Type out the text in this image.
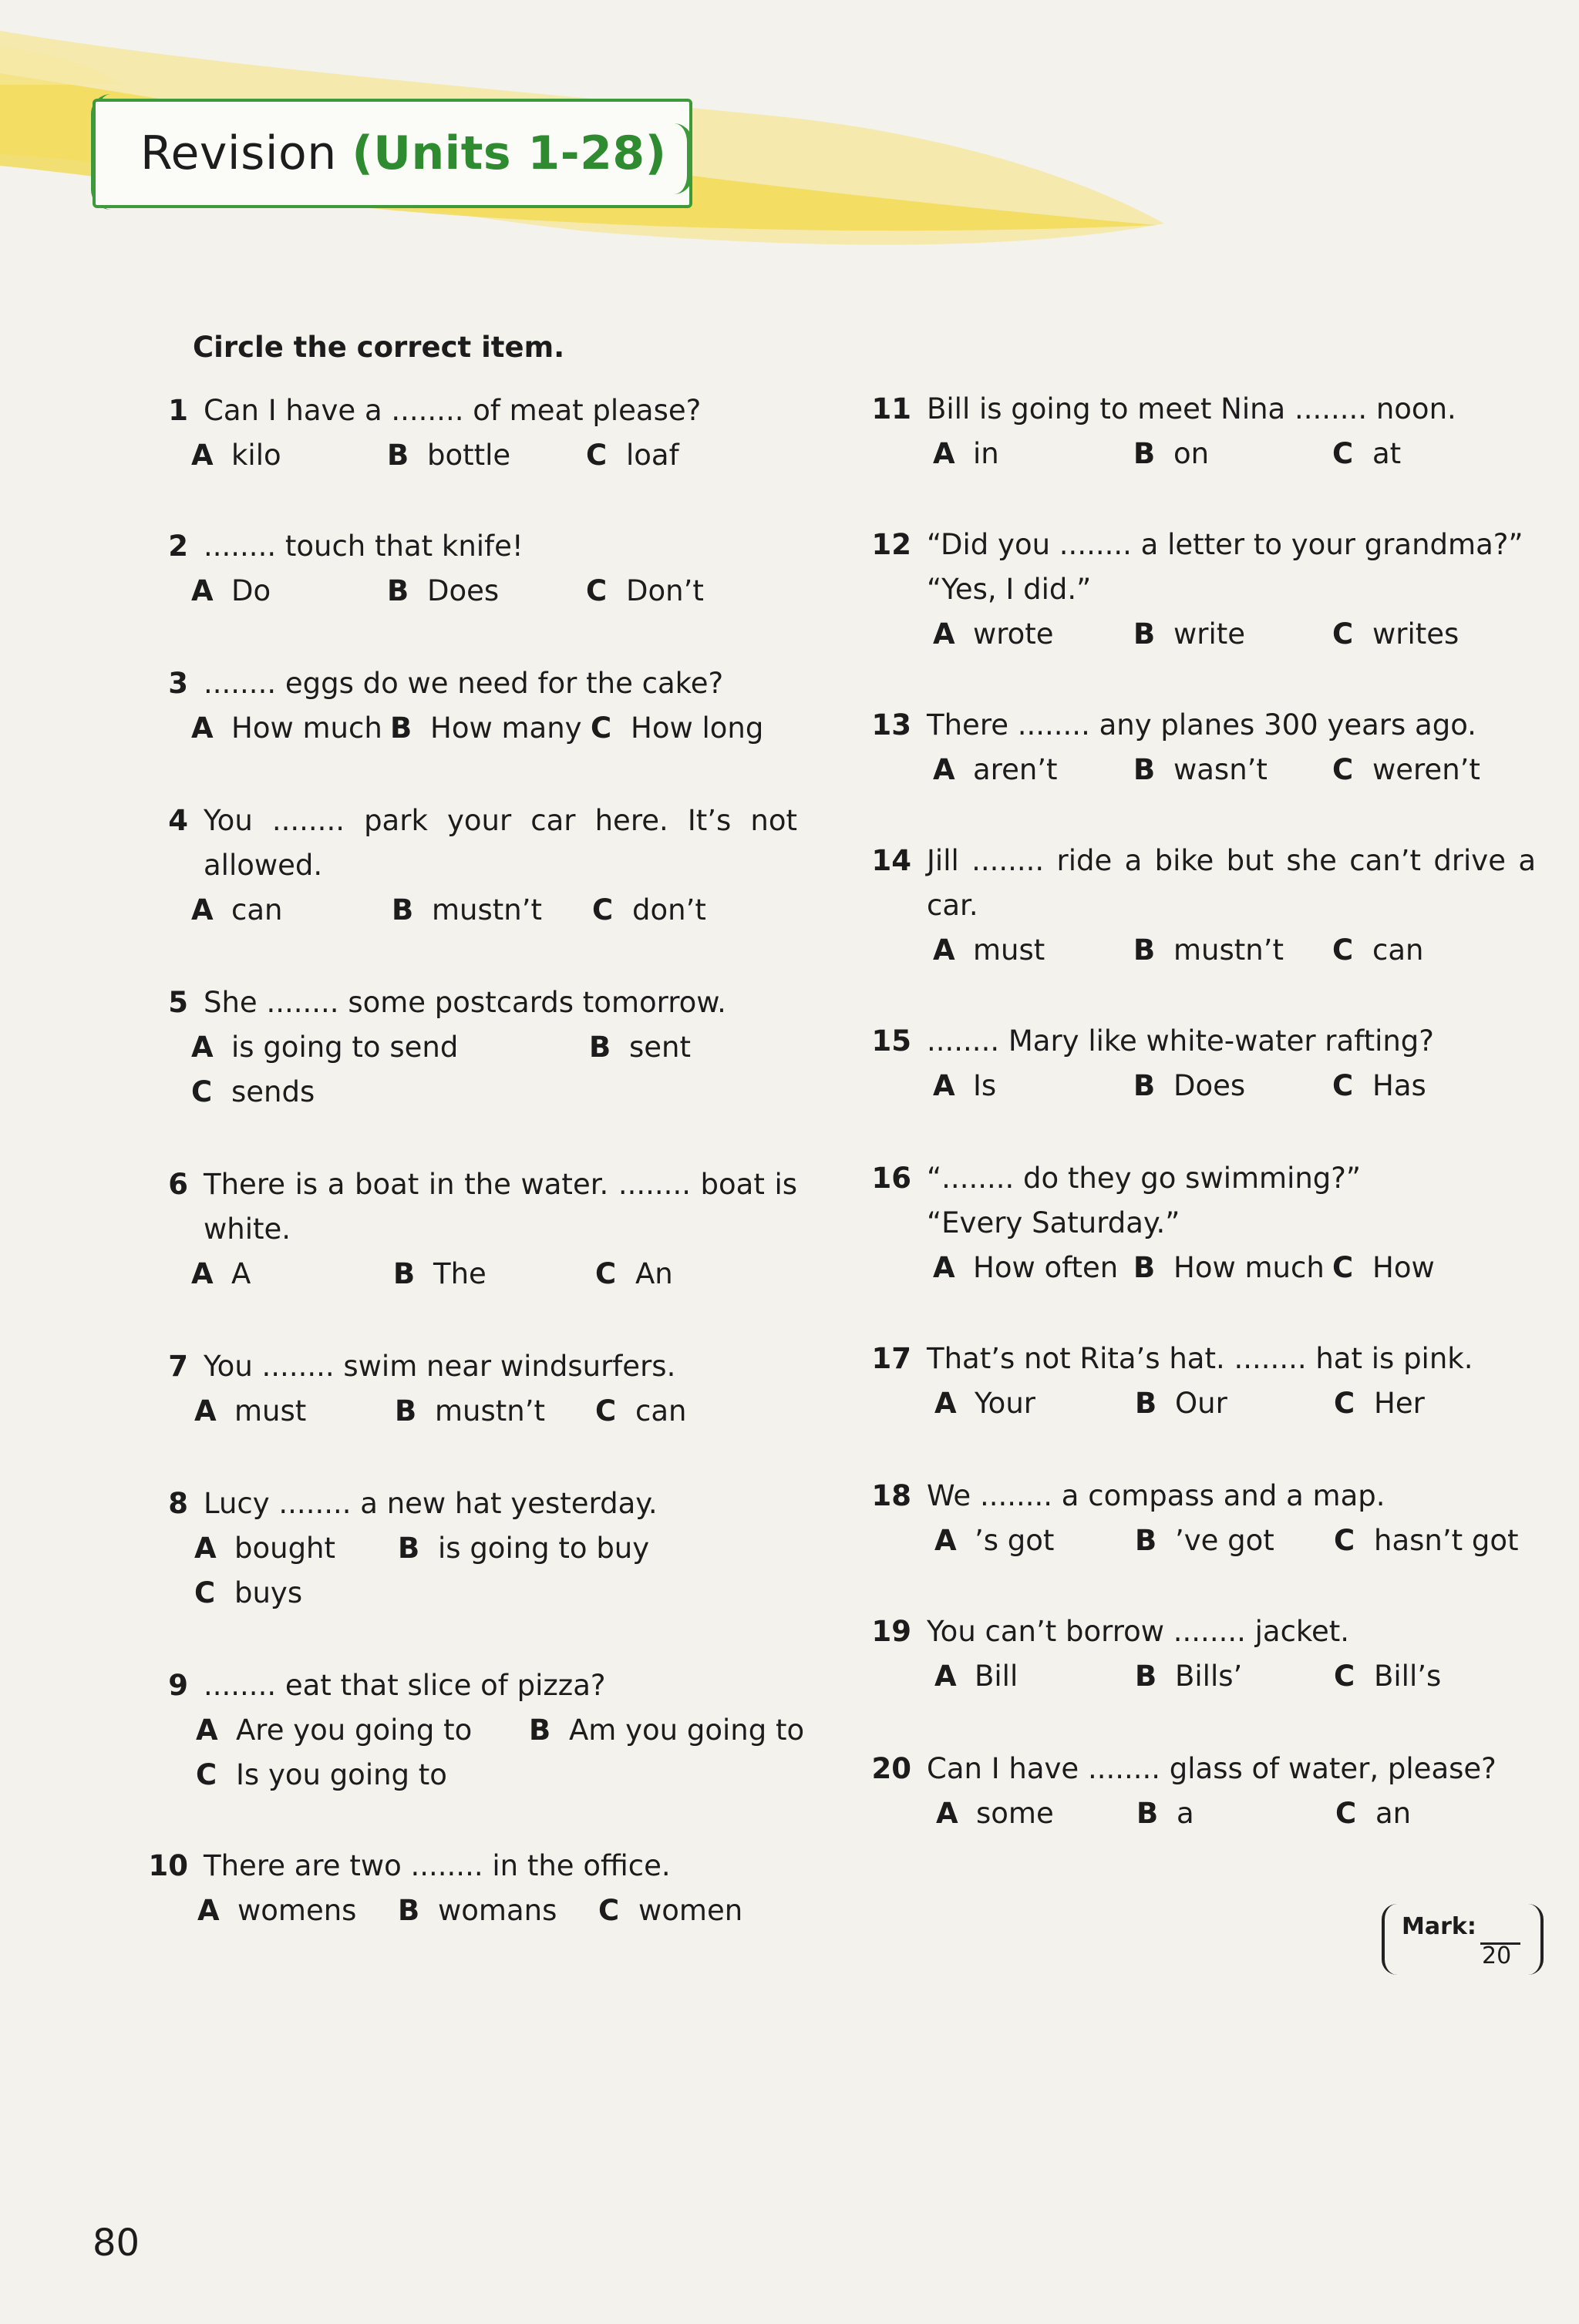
Revision (Units 1-28)
Circle the correct item.
1 Can I have a ........ of meat please?
A kilo	B bottle	C loaf
2 ........ touch that knife!
A Do	B Does	C Don’t
3 ........ eggs do we need for the cake?
A How much B How many C How long
4 You ........ park your car here. It’s not allowed.
A can	B mustn’t C don’t
5 She ........ some postcards tomorrow.
A is going to send	B sent
C sends
6 There is a boat in the water. ........ boat is white.
A A	B The	C An
7 You ........ swim near windsurfers.
A must	B mustn’t C can
8 Lucy ........ a new hat yesterday.
A bought B is going to buy
C buys
9 ........ eat that slice of pizza?
A Are you going to B Am you going to
C Is you going to
10 There are two ........ in the office.
A womens B womans C women
11 Bill is going to meet Nina ........ noon.
A in	B on	C at
12 “Did you ........ a letter to your grandma?”
“Yes, I did.”
A wrote	B write	C writes
13 There ........ any planes 300 years ago.
A aren’t	B wasn’t C weren’t
14 Jill ........ ride a bike but she can’t drive a car.
A must	B mustn’t C can
15 ........ Mary like white-water rafting?
A Is	B Does	C Has
16 “........ do they go swimming?”
“Every Saturday.”
A How often B How much C How
17 That’s not Rita’s hat. ........ hat is pink.
A Your	B Our	C Her
18 We ........ a compass and a map.
A ’s got	B ’ve got C hasn’t got
19 You can’t borrow ........ jacket.
A Bill	B Bills’	C Bill’s
20 Can I have ........ glass of water, please?
A some	B a	C an
Mark:
20
80
